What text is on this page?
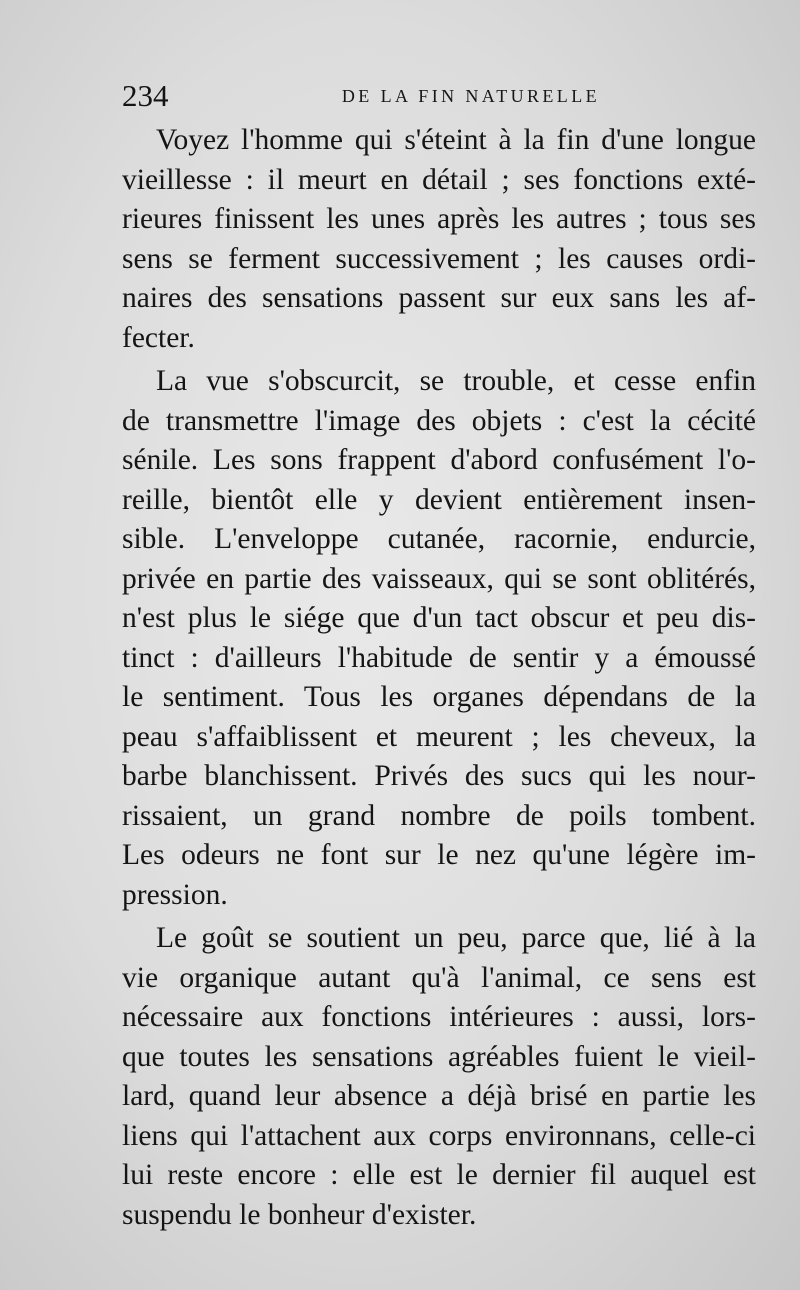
234	DE LA FIN NATURELLE
Voyez l'homme qui s'éteint à la fin d'une longue
vieillesse : il meurt en détail ; ses fonctions exté-
rieures finissent les unes après les autres ; tous ses
sens se ferment successivement ; les causes ordi-
naires des sensations passent sur eux sans les af-
fecter.
La vue s'obscurcit, se trouble, et cesse enfin
de transmettre l'image des objets : c'est la cécité
sénile. Les sons frappent d'abord confusément l'o-
reille, bientôt elle y devient entièrement insen-
sible. L'enveloppe cutanée, racornie, endurcie,
privée en partie des vaisseaux, qui se sont oblitérés,
n'est plus le siége que d'un tact obscur et peu dis-
tinct : d'ailleurs l'habitude de sentir y a émoussé
le sentiment. Tous les organes dépendans de la
peau s'affaiblissent et meurent ; les cheveux, la
barbe blanchissent. Privés des sucs qui les nour-
rissaient, un grand nombre de poils tombent.
Les odeurs ne font sur le nez qu'une légère im-
pression.
Le goût se soutient un peu, parce que, lié à la
vie organique autant qu'à l'animal, ce sens est
nécessaire aux fonctions intérieures : aussi, lors-
que toutes les sensations agréables fuient le vieil-
lard, quand leur absence a déjà brisé en partie les
liens qui l'attachent aux corps environnans, celle-ci
lui reste encore : elle est le dernier fil auquel est
suspendu le bonheur d'exister.
